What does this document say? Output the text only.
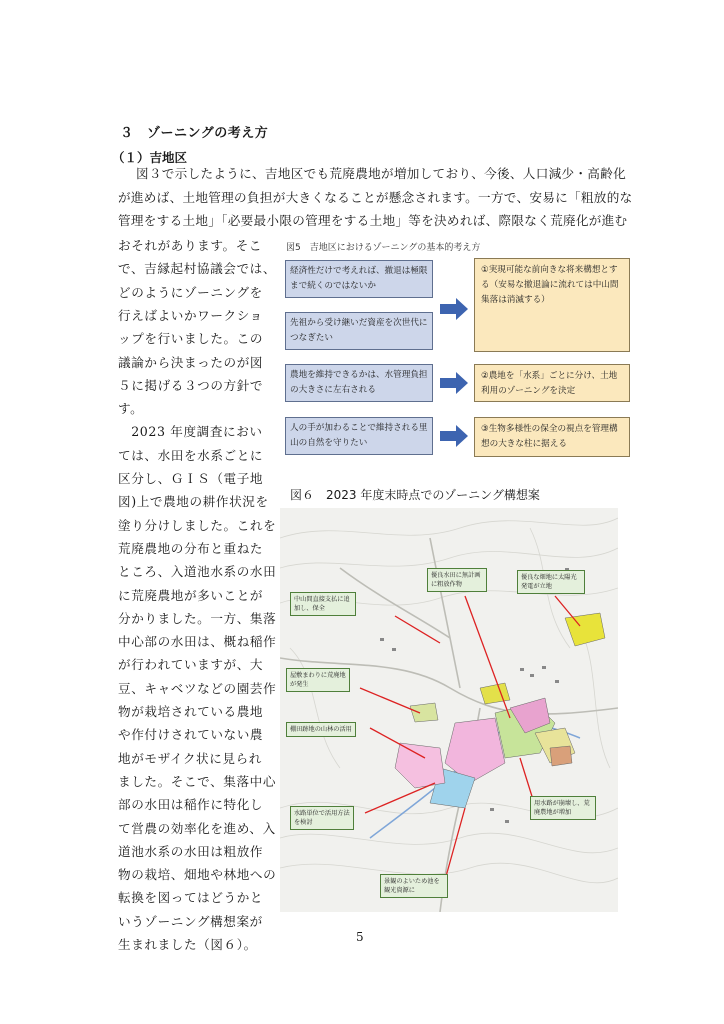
３　ゾーニングの考え方
（１）吉地区
図３で示したように、吉地区でも荒廃農地が増加しており、今後、人口減少・高齢化
が進めば、土地管理の負担が大きくなることが懸念されます。一方で、安易に「粗放的な
管理をする土地」「必要最小限の管理をする土地」等を決めれば、際限なく荒廃化が進む
おそれがあります。そこ
で、吉縁起村協議会では、
どのようにゾーニングを
行えばよいかワークショ
ップを行いました。この
議論から決まったのが図
５に掲げる３つの方針で
す。
　2023 年度調査におい
ては、水田を水系ごとに
区分し、ＧＩＳ（電子地
図)上で農地の耕作状況を
塗り分けしました。これを
荒廃農地の分布と重ねた
ところ、入道池水系の水田
に荒廃農地が多いことが
分かりました。一方、集落
中心部の水田は、概ね稲作
が行われていますが、大
豆、キャベツなどの園芸作
物が栽培されている農地
や作付けされていない農
地がモザイク状に見られ
ました。そこで、集落中心
部の水田は稲作に特化し
て営農の効率化を進め、入
道池水系の水田は粗放作
物の栽培、畑地や林地への
転換を図ってはどうかと
いうゾーニング構想案が
生まれました（図６）。
図5　吉地区におけるゾーニングの基本的考え方
経済性だけで考えれば、撤退は極限まで続くのではないか
先祖から受け継いだ資産を次世代につなぎたい
農地を維持できるかは、水管理負担の大きさに左右される
人の手が加わることで維持される里山の自然を守りたい
①実現可能な前向きな将来構想とする（安易な撤退論に流れては中山間集落は消滅する）
②農地を「水系」ごとに分け、土地利用のゾーニングを決定
③生物多様性の保全の視点を管理構想の大きな柱に据える
図６　2023 年度末時点でのゾーニング構想案
優良水田に無計画に粗放作物
優良な畑地に太陽光発電が立地
中山間直接支払に追加し、保全
屋敷まわりに荒廃地が発生
棚田跡地の山林の活用
水路単位で活用方法を検討
用水路が崩壊し、荒廃農地が増加
景観のよいため池を観光資源に
5
